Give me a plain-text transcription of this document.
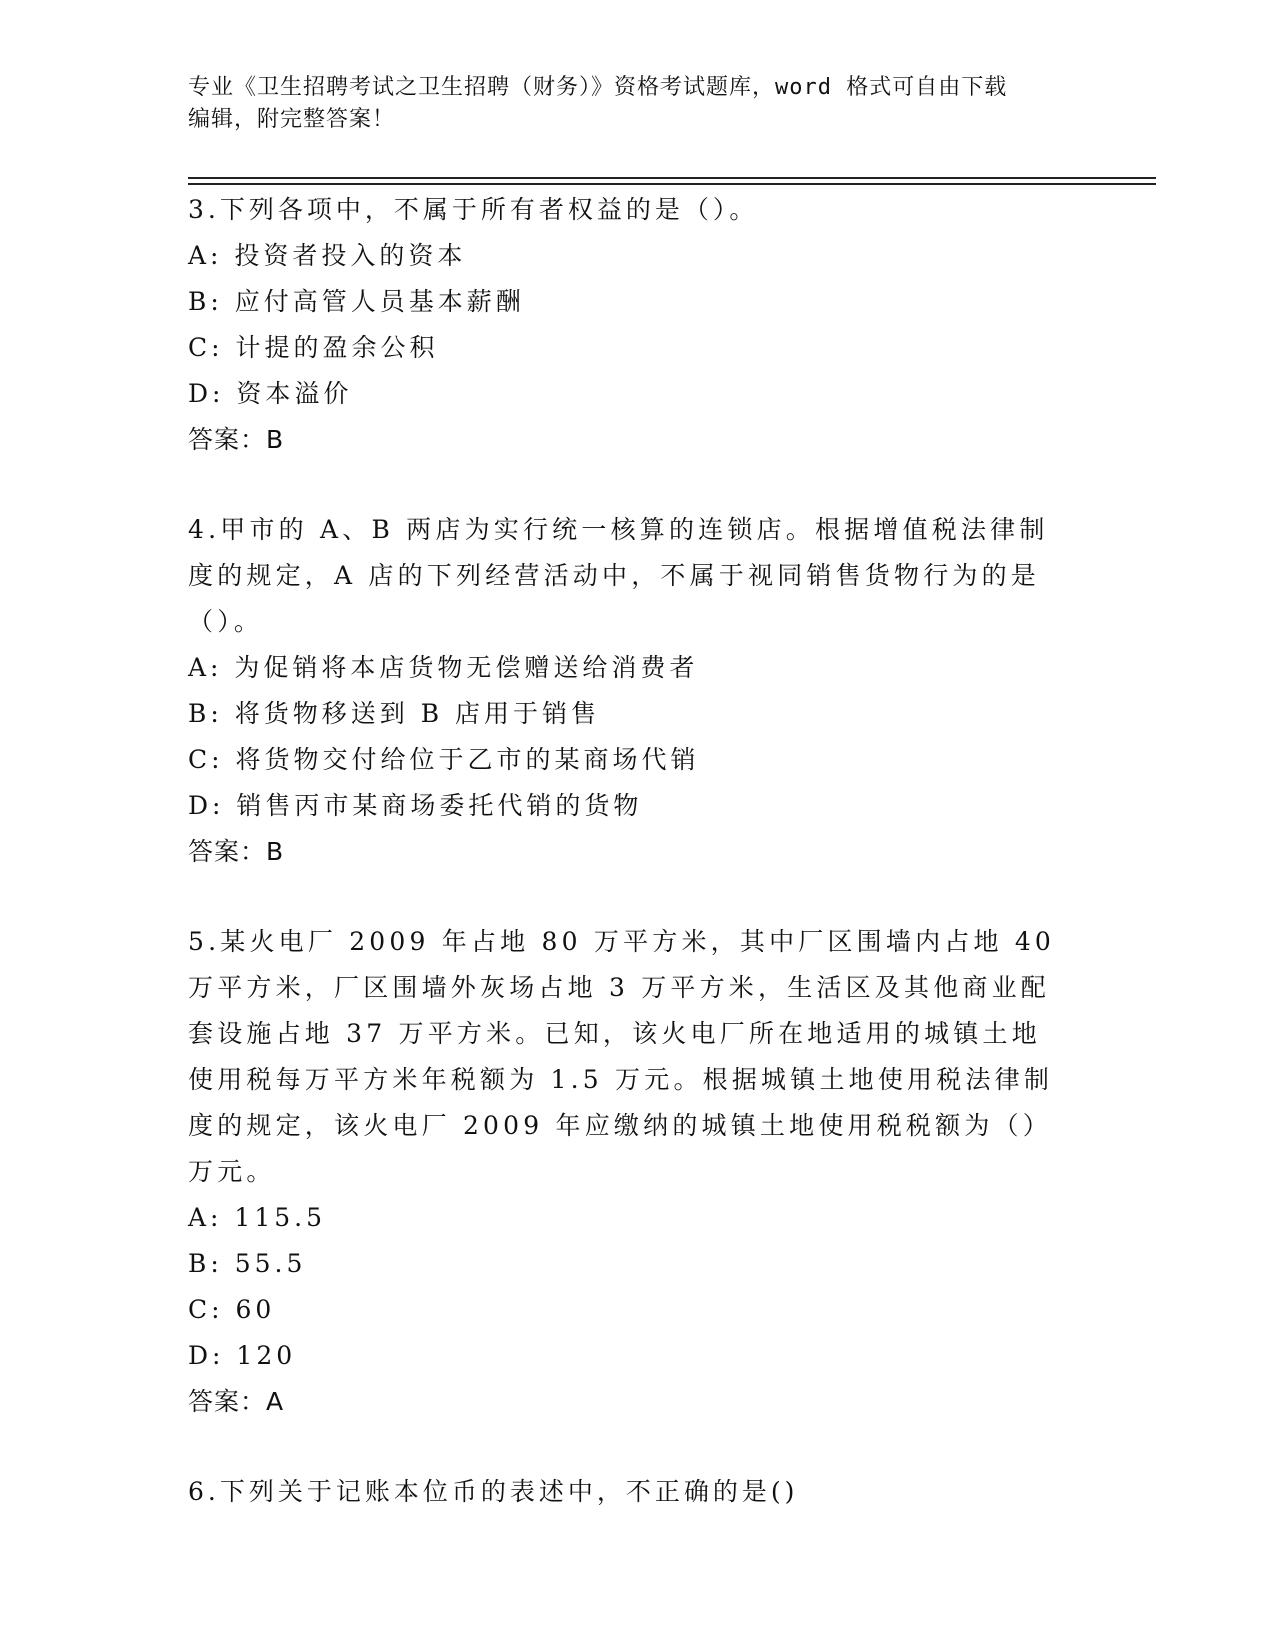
专业《卫生招聘考试之卫生招聘（财务）》资格考试题库，word 格式可自由下载
编辑，附完整答案！
3.下列各项中，不属于所有者权益的是（）。
A: 投资者投入的资本
B: 应付高管人员基本薪酬
C: 计提的盈余公积
D: 资本溢价
答案：B
4.甲市的 A、B 两店为实行统一核算的连锁店。根据增值税法律制度的规定，A 店的下列经营活动中，不属于视同销售货物行为的是（）。
A: 为促销将本店货物无偿赠送给消费者
B: 将货物移送到 B 店用于销售
C: 将货物交付给位于乙市的某商场代销
D: 销售丙市某商场委托代销的货物
答案：B
5.某火电厂 2009 年占地 80 万平方米，其中厂区围墙内占地 40 万平方米，厂区围墙外灰场占地 3 万平方米，生活区及其他商业配套设施占地 37 万平方米。已知，该火电厂所在地适用的城镇土地使用税每万平方米年税额为 1.5 万元。根据城镇土地使用税法律制度的规定，该火电厂 2009 年应缴纳的城镇土地使用税税额为（）万元。
A: 115.5
B: 55.5
C: 60
D: 120
答案：A
6.下列关于记账本位币的表述中，不正确的是()
